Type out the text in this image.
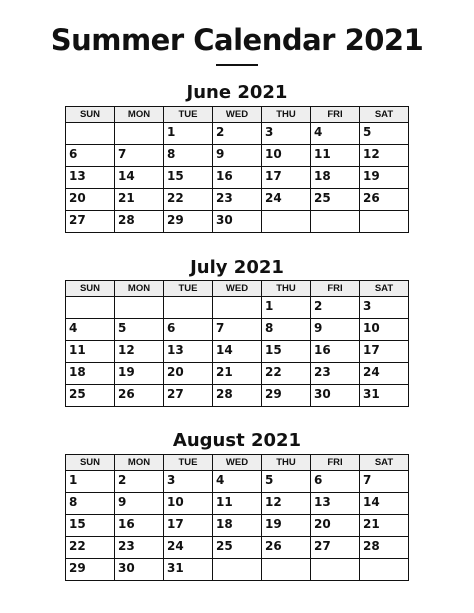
Summer Calendar 2021
June 2021
SUN	MON	TUE	WED	THU	FRI	SAT
		1	2	3	4	5
6	7	8	9	10	11	12
13	14	15	16	17	18	19
20	21	22	23	24	25	26
27	28	29	30			
July 2021
SUN	MON	TUE	WED	THU	FRI	SAT
				1	2	3
4	5	6	7	8	9	10
11	12	13	14	15	16	17
18	19	20	21	22	23	24
25	26	27	28	29	30	31
August 2021
SUN	MON	TUE	WED	THU	FRI	SAT
1	2	3	4	5	6	7
8	9	10	11	12	13	14
15	16	17	18	19	20	21
22	23	24	25	26	27	28
29	30	31				
